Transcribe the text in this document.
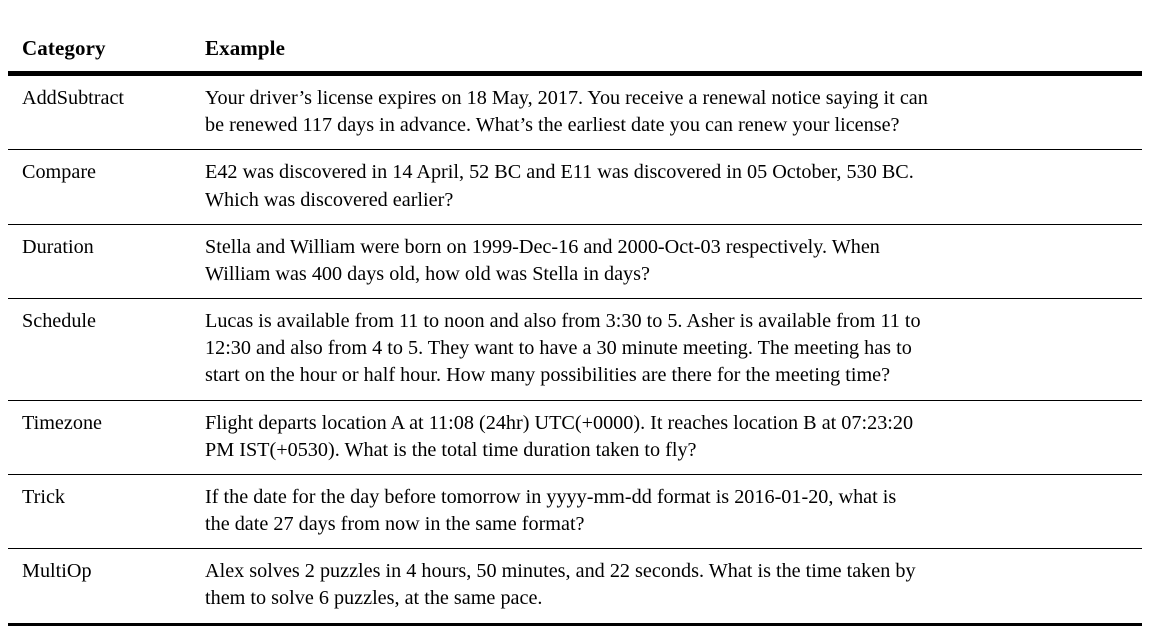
Category	Example

AddSubtract	Your driver’s license expires on 18 May, 2017. You receive a renewal notice saying it can
be renewed 117 days in advance. What’s the earliest date you can renew your license?

Compare	E42 was discovered in 14 April, 52 BC and E11 was discovered in 05 October, 530 BC.
Which was discovered earlier?

Duration	Stella and William were born on 1999-Dec-16 and 2000-Oct-03 respectively. When
William was 400 days old, how old was Stella in days?

Schedule	Lucas is available from 11 to noon and also from 3:30 to 5. Asher is available from 11 to
12:30 and also from 4 to 5. They want to have a 30 minute meeting. The meeting has to
start on the hour or half hour. How many possibilities are there for the meeting time?

Timezone	Flight departs location A at 11:08 (24hr) UTC(+0000). It reaches location B at 07:23:20
PM IST(+0530). What is the total time duration taken to fly?

Trick	If the date for the day before tomorrow in yyyy-mm-dd format is 2016-01-20, what is
the date 27 days from now in the same format?

MultiOp	Alex solves 2 puzzles in 4 hours, 50 minutes, and 22 seconds. What is the time taken by
them to solve 6 puzzles, at the same pace.
